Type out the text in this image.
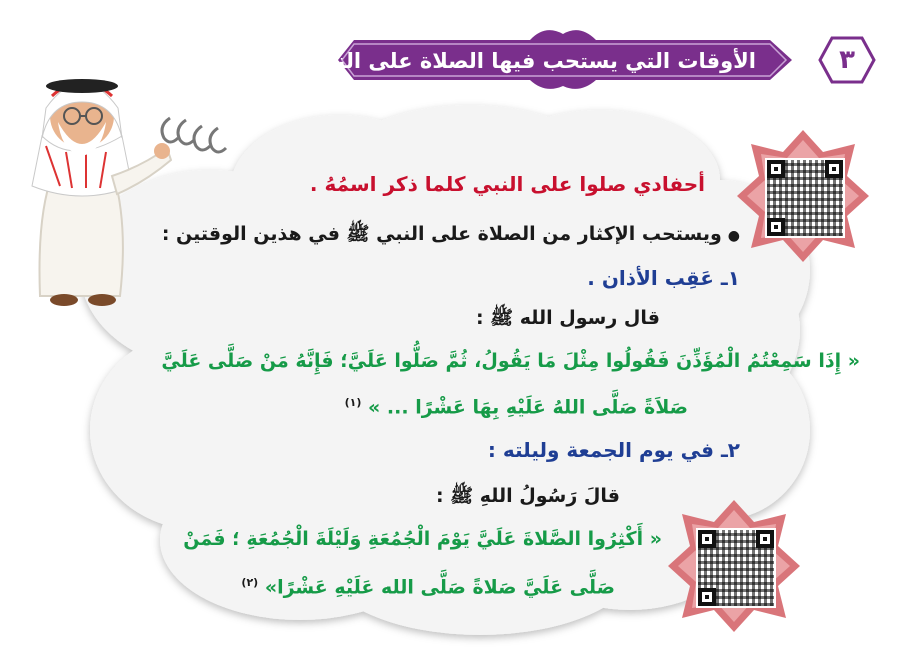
الأوقات التي يستحب فيها الصلاة على النبي ﷺ	٣
أحفادي صلوا على النبي كلما ذكر اسمُهُ .
● ويستحب الإكثار من الصلاة على النبي ﷺ في هذين الوقتين :
١ـ عَقِب الأذان .
قال رسول الله ﷺ :
« إِذَا سَمِعْتُمُ الْمُؤَذِّنَ فَقُولُوا مِثْلَ مَا يَقُولُ، ثُمَّ صَلُّوا عَلَيَّ؛ فَإِنَّهُ مَنْ صَلَّى عَلَيَّ
صَلاَةً صَلَّى اللهُ عَلَيْهِ بِهَا عَشْرًا ... » $^{(١)}$
٢ـ في يوم الجمعة وليلته :
قالَ رَسُولُ اللهِ ﷺ :
« أَكْثِرُوا الصَّلاةَ عَلَيَّ يَوْمَ الْجُمُعَةِ وَلَيْلَةَ الْجُمُعَةِ ؛ فَمَنْ
صَلَّى عَلَيَّ صَلاةً صَلَّى الله عَلَيْهِ عَشْرًا» $^{(٢)}$
